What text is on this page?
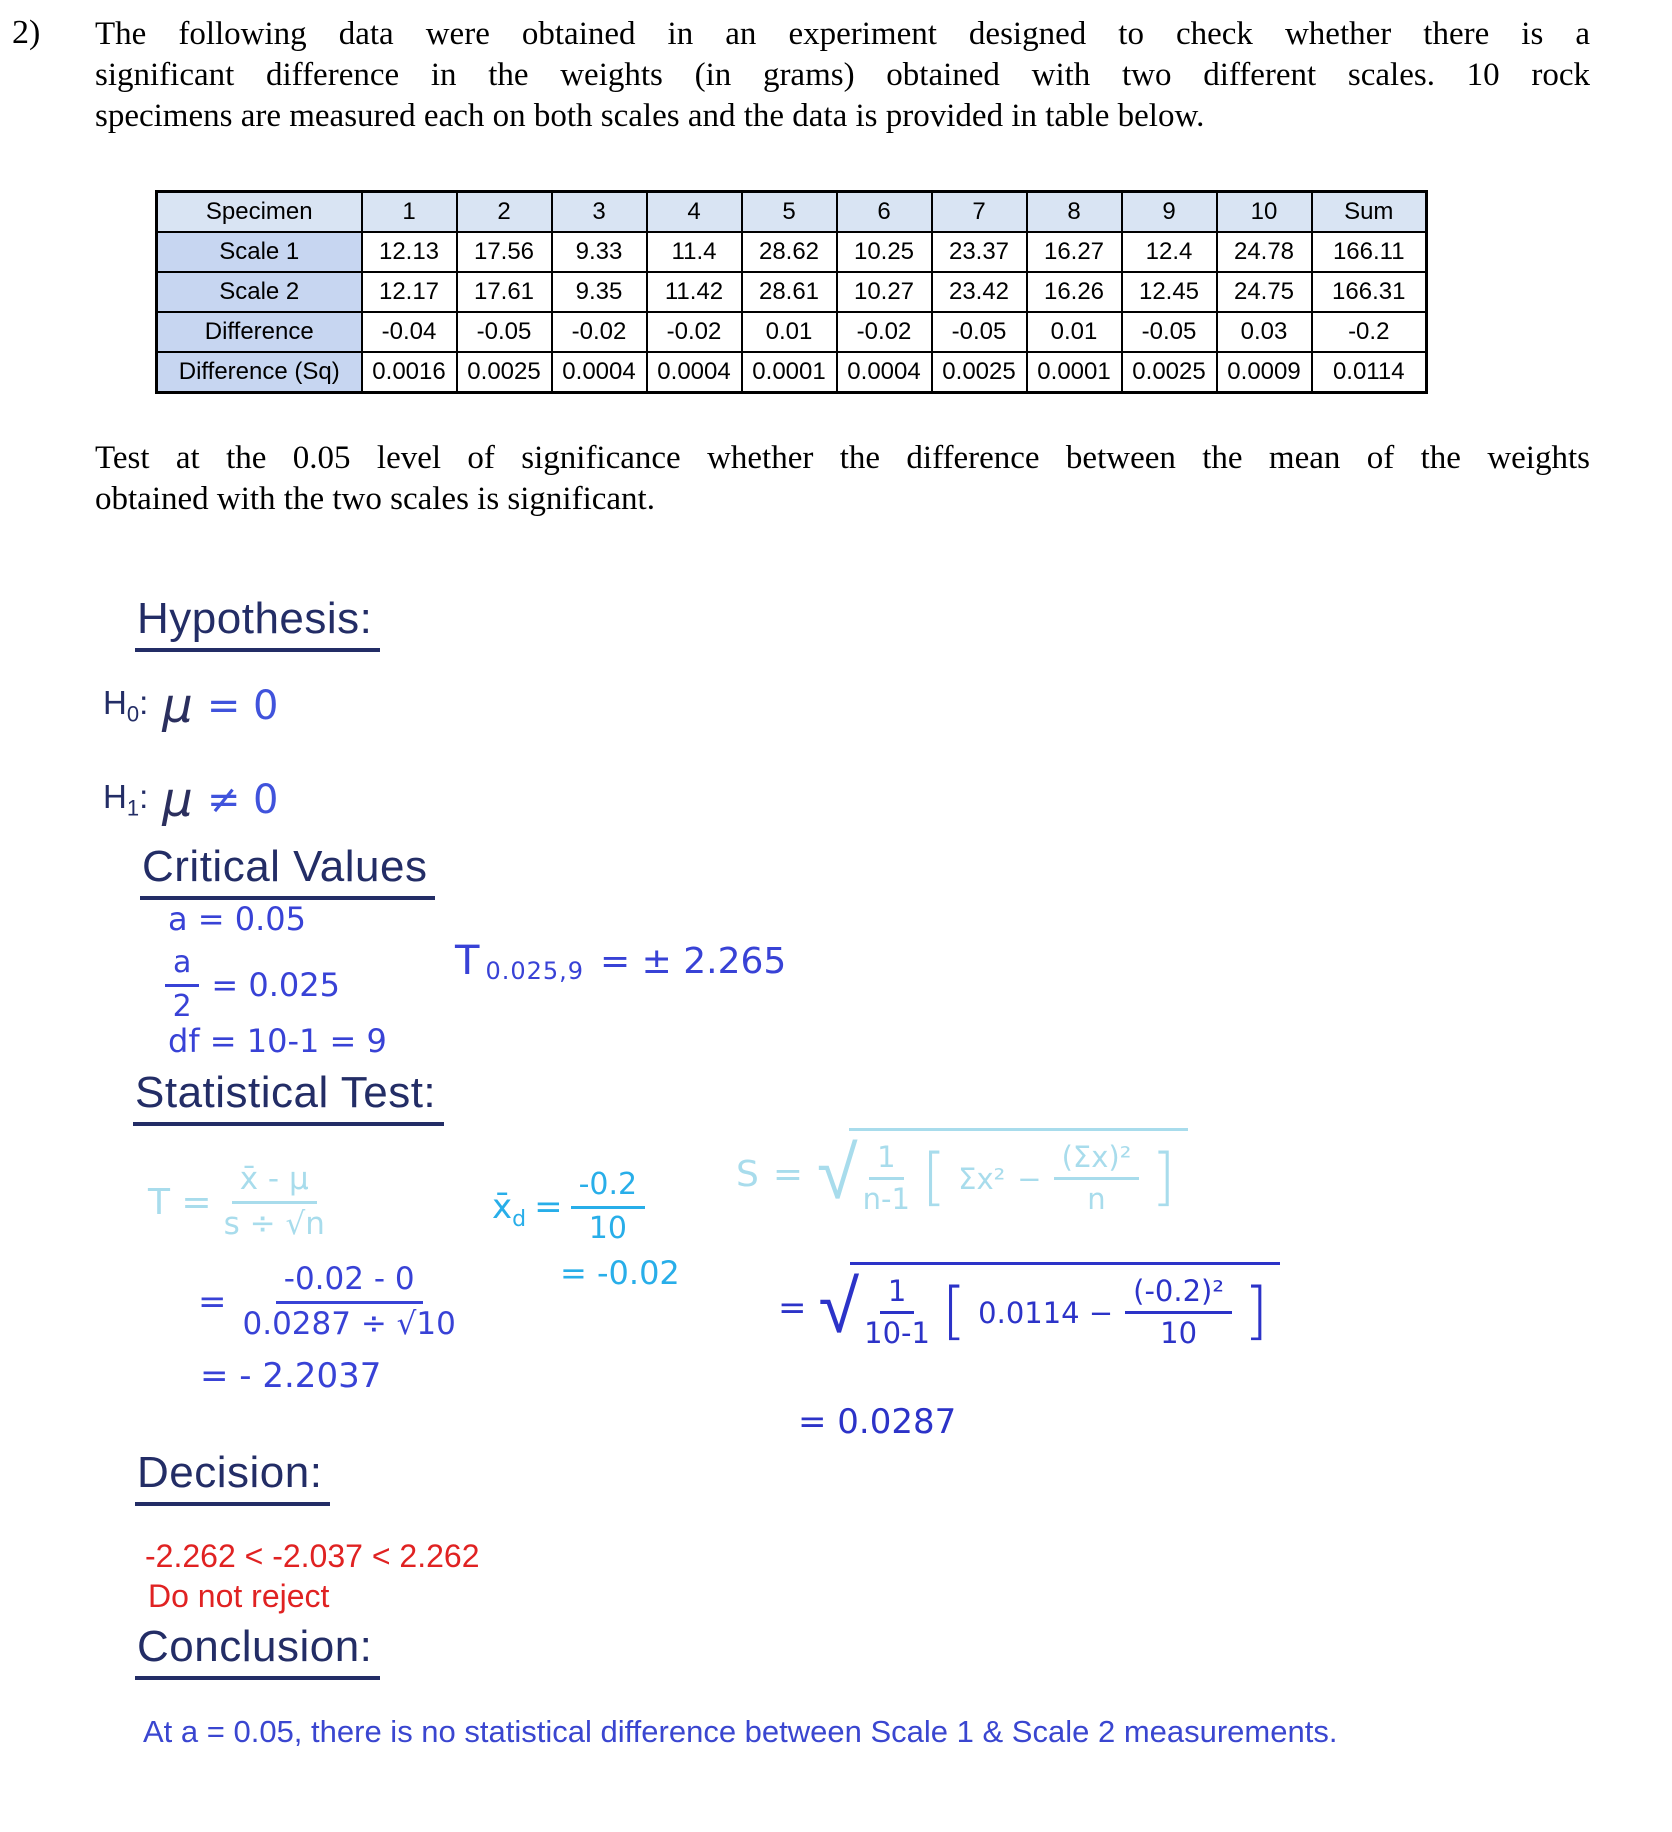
2) The following data were obtained in an experiment designed to check whether there is a
significant difference in the weights (in grams) obtained with two different scales. 10 rock
specimens are measured each on both scales and the data is provided in table below.
Specimen	1	2	3	4	5	6	7	8	9	10	Sum
Scale 1	12.13	17.56	9.33	11.4	28.62	10.25	23.37	16.27	12.4	24.78	166.11
Scale 2	12.17	17.61	9.35	11.42	28.61	10.27	23.42	16.26	12.45	24.75	166.31
Difference	-0.04	-0.05	-0.02	-0.02	0.01	-0.02	-0.05	0.01	-0.05	0.03	-0.2
Difference (Sq)	0.0016	0.0025	0.0004	0.0004	0.0001	0.0004	0.0025	0.0001	0.0025	0.0009	0.0114
Test at the 0.05 level of significance whether the difference between the mean of the weights
obtained with the two scales is significant.
Hypothesis:
$H_0$: μ = 0
$H_1$: μ ≠ 0
Critical Values
a = 0.05
$\frac{a}{2} = 0.025$
T 0.025,9 = ± 2.265
df = 10-1 = 9
Statistical Test:
$T = \frac{x̄ - \mu}{s \div √n}$	$x̄_d = \frac{-0.2}{10}$
= -0.02
S = √ $\frac{1}{n-1}$ [ $\Sigma x^2 - \frac{\text{(Σx)²}}{n}$ ]
= $\frac{-0.02 - 0}{0.0287 \div √10}$
= - 2.2037
= √ $\frac{1}{10-1}$ [ $0.0114 - \frac{\text{(-0.2)²}}{10}$ ]
= 0.0287
Decision:
-2.262 < -2.037 < 2.262
Do not reject
Conclusion:
At a = 0.05, there is no statistical difference between Scale 1 & Scale 2 measurements.
